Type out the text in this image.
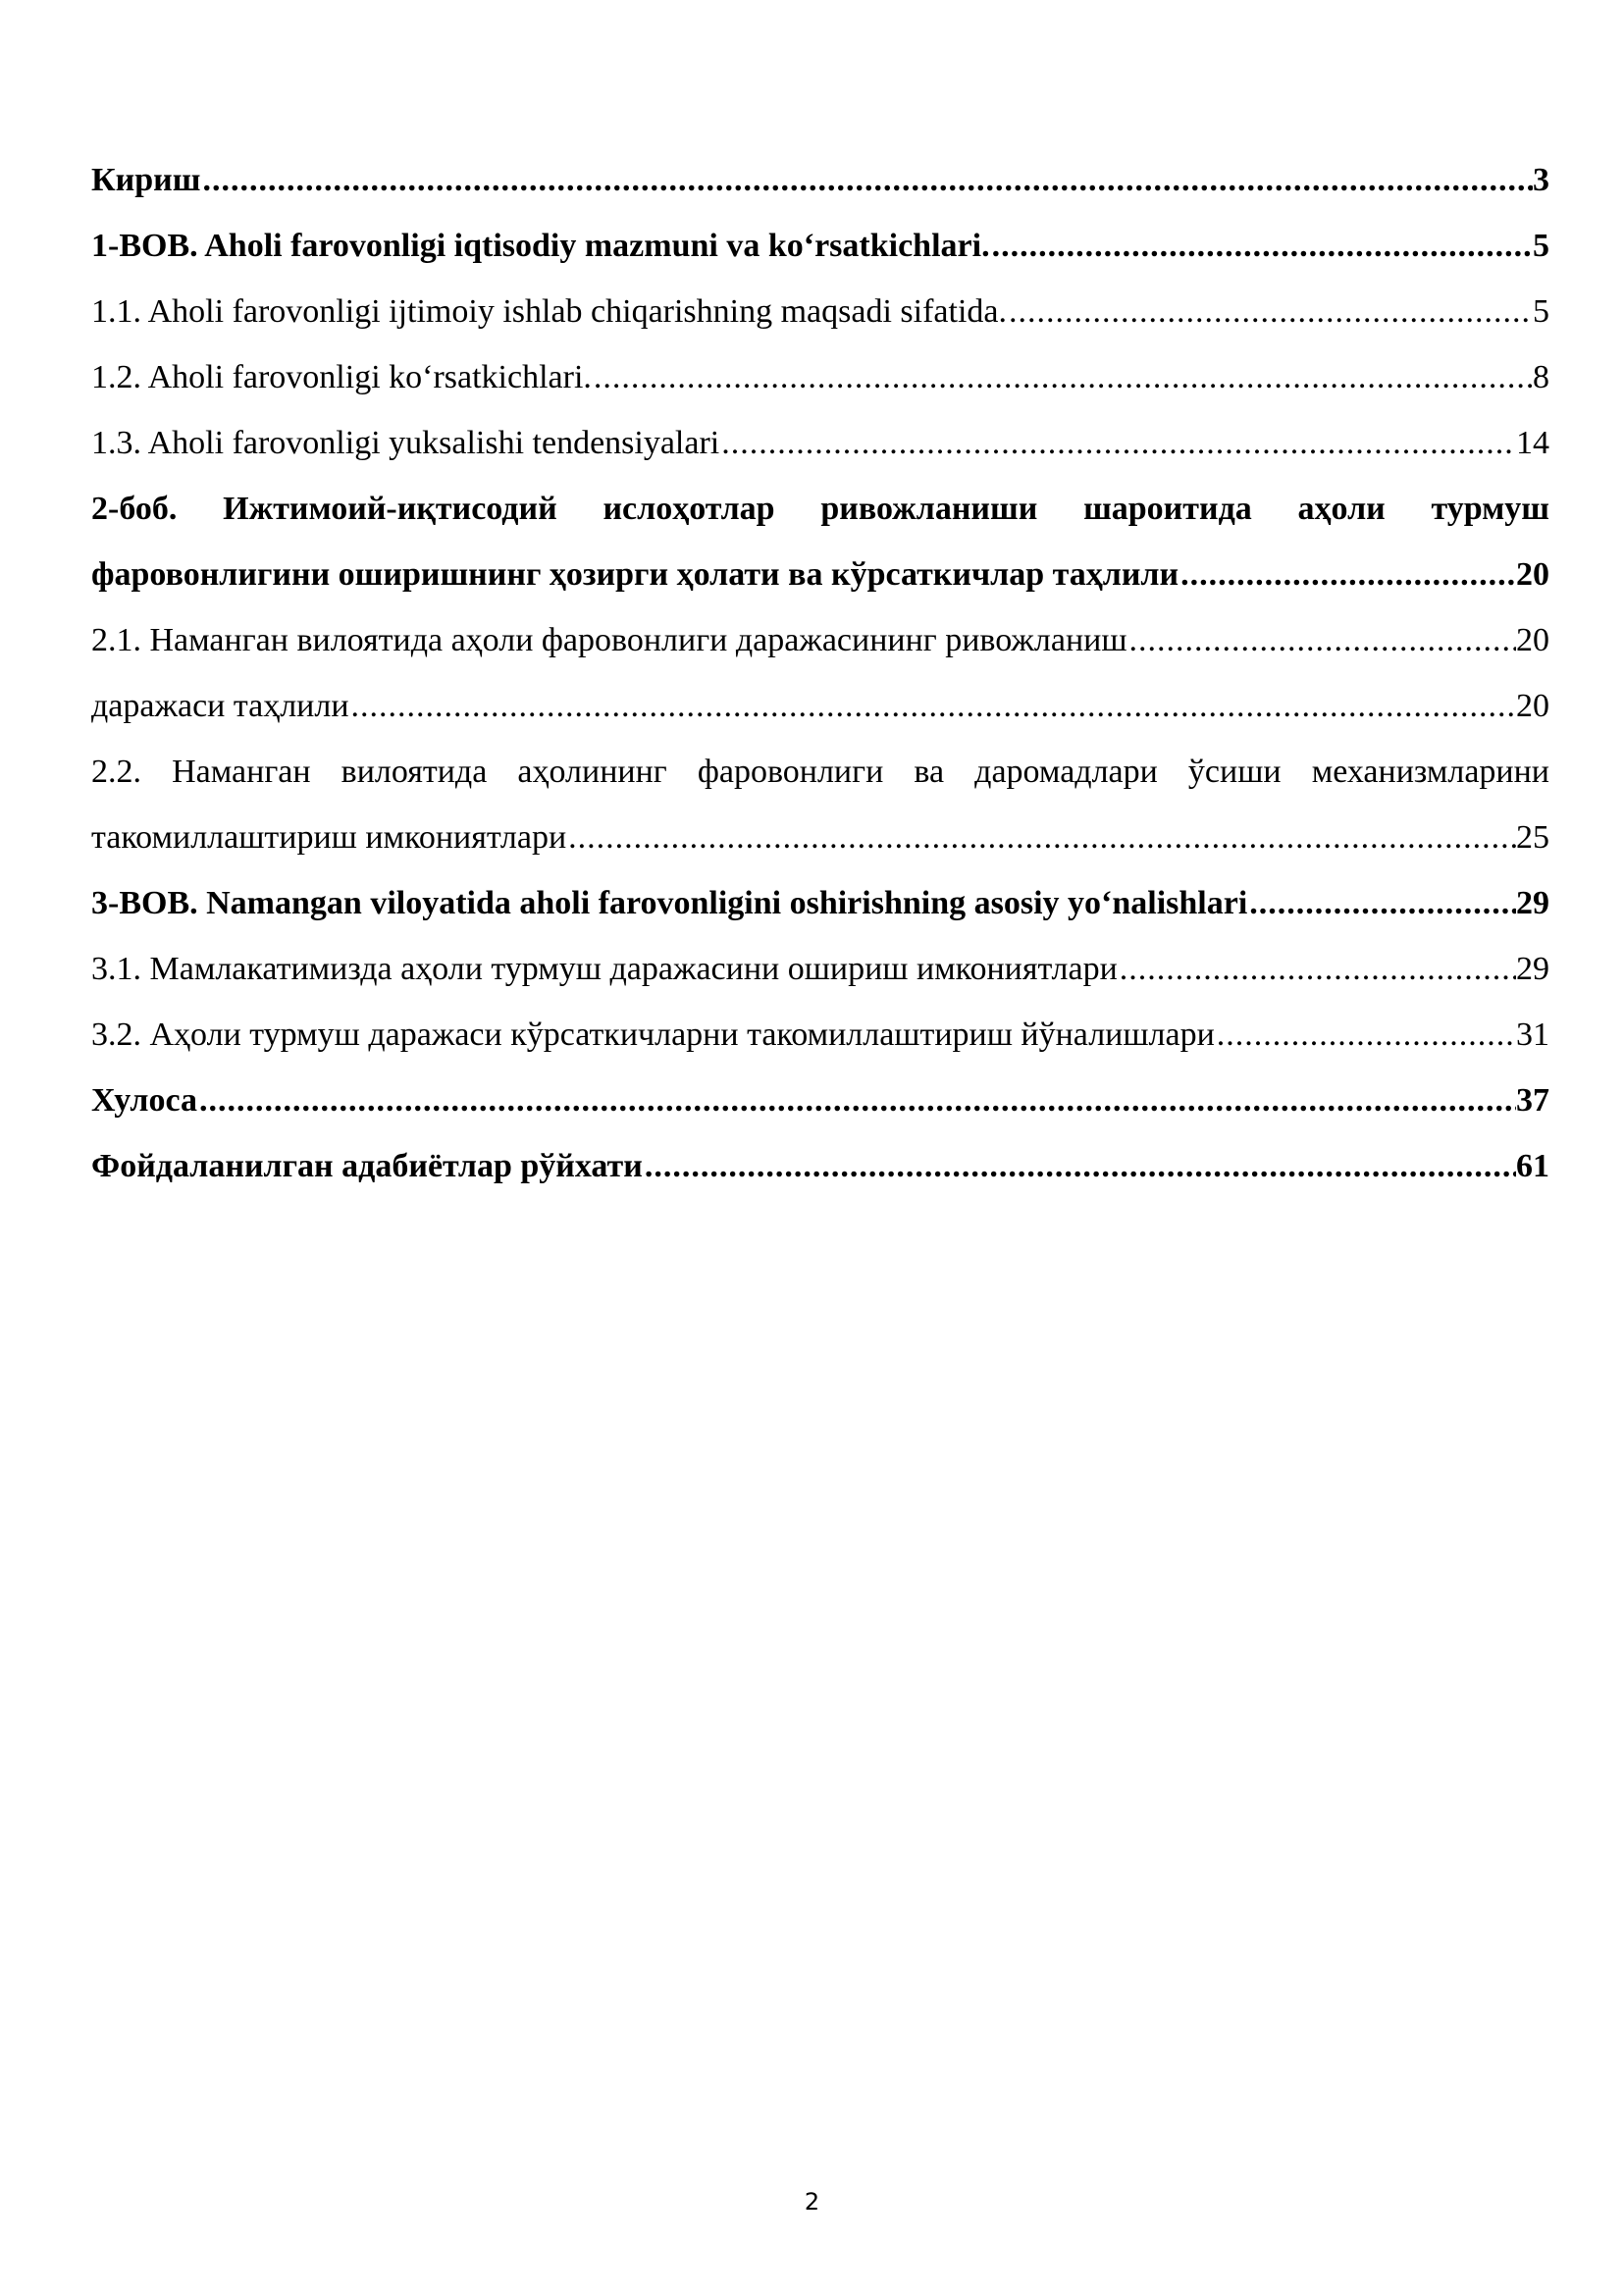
Кириш .....	3
1-BOB. Aholi farovonligi iqtisodiy mazmuni va ko‘rsatkichlari. .....	5
1.1. Aholi farovonligi ijtimoiy ishlab chiqarishning maqsadi sifatida. .....	5
1.2. Aholi farovonligi ko‘rsatkichlari. .....	8
1.3. Aholi farovonligi yuksalishi tendensiyalari .....	14
2-боб. Ижтимоий-иқтисодий ислоҳотлар ривожланиши шароитида аҳоли турмуш
фаровонлигини оширишнинг ҳозирги ҳолати ва кўрсаткичлар таҳлили .....	20
2.1. Наманган вилоятида аҳоли фаровонлиги даражасининг ривожланиш .....	20
даражаси таҳлили .....	20
2.2. Наманган вилоятида аҳолининг фаровонлиги ва даромадлари ўсиши механизмларини
такомиллаштириш имкониятлари .....	25
3-BOB. Namangan viloyatida aholi farovonligini oshirishning asosiy yo‘nalishlari .....	29
3.1. Мамлакатимизда аҳоли турмуш даражасини ошириш имкониятлари .....	29
3.2. Аҳоли турмуш даражаси кўрсаткичларни такомиллаштириш йўналишлари .....	31
Хулоса .....	37
Фойдаланилган адабиётлар рўйхати .....	61
2
